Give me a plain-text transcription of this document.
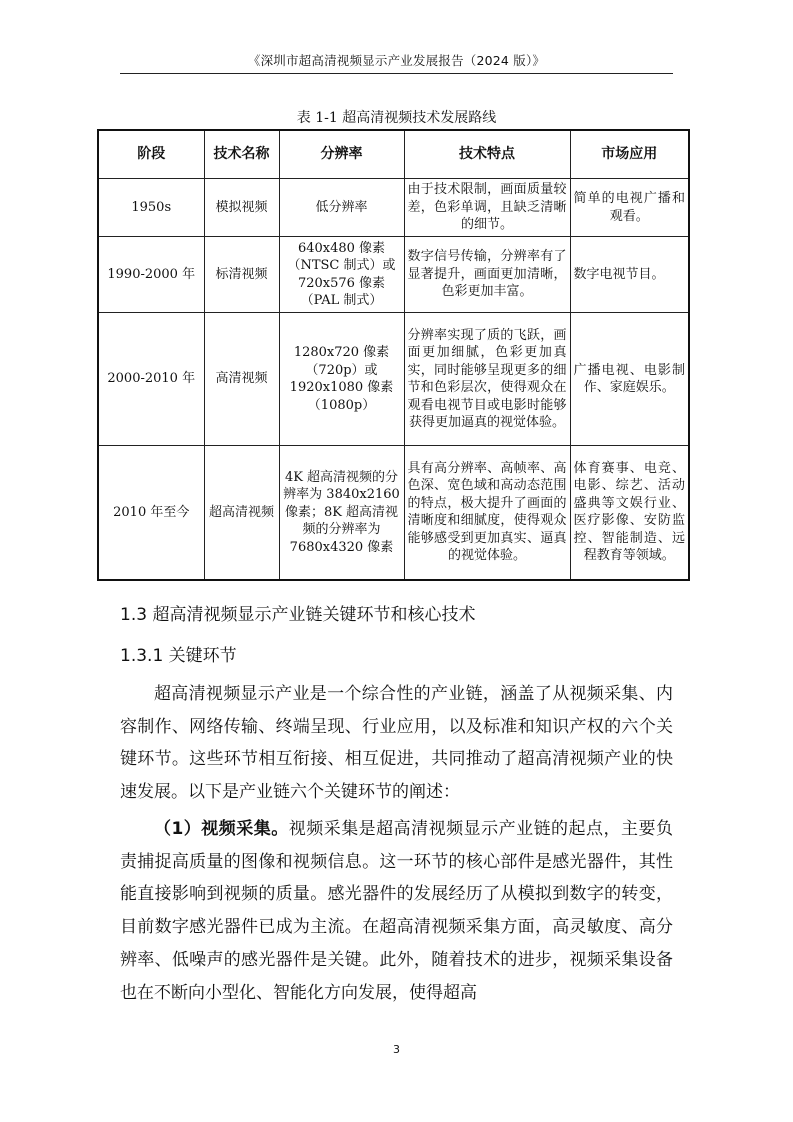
《深圳市超高清视频显示产业发展报告（2024 版）》
表 1-1 超高清视频技术发展路线
阶段	技术名称	分辨率	技术特点	市场应用
1950s	模拟视频	低分辨率	由于技术限制，画面质量较差，色彩单调，且缺乏清晰的细节。	简单的电视广播和观看。
1990-2000 年	标清视频	640x480 像素（NTSC 制式）或 720x576 像素（PAL 制式）	数字信号传输，分辨率有了显著提升，画面更加清晰，色彩更加丰富。	数字电视节目。
2000-2010 年	高清视频	1280x720 像素（720p）或 1920x1080 像素（1080p）	分辨率实现了质的飞跃，画面更加细腻，色彩更加真实，同时能够呈现更多的细节和色彩层次，使得观众在观看电视节目或电影时能够获得更加逼真的视觉体验。	广播电视、电影制作、家庭娱乐。
2010 年至今	超高清视频	4K 超高清视频的分辨率为 3840x2160 像素；8K 超高清视频的分辨率为 7680x4320 像素	具有高分辨率、高帧率、高色深、宽色域和高动态范围的特点，极大提升了画面的清晰度和细腻度，使得观众能够感受到更加真实、逼真的视觉体验。	体育赛事、电竞、电影、综艺、活动盛典等文娱行业、医疗影像、安防监控、智能制造、远程教育等领域。
1.3 超高清视频显示产业链关键环节和核心技术
1.3.1 关键环节

超高清视频显示产业是一个综合性的产业链，涵盖了从视频采集、内容制作、网络传输、终端呈现、行业应用，以及标准和知识产权的六个关键环节。这些环节相互衔接、相互促进，共同推动了超高清视频产业的快速发展。以下是产业链六个关键环节的阐述：

（1）视频采集。视频采集是超高清视频显示产业链的起点，主要负责捕捉高质量的图像和视频信息。这一环节的核心部件是感光器件，其性能直接影响到视频的质量。感光器件的发展经历了从模拟到数字的转变，目前数字感光器件已成为主流。在超高清视频采集方面，高灵敏度、高分辨率、低噪声的感光器件是关键。此外，随着技术的进步，视频采集设备也在不断向小型化、智能化方向发展，使得超高

3
